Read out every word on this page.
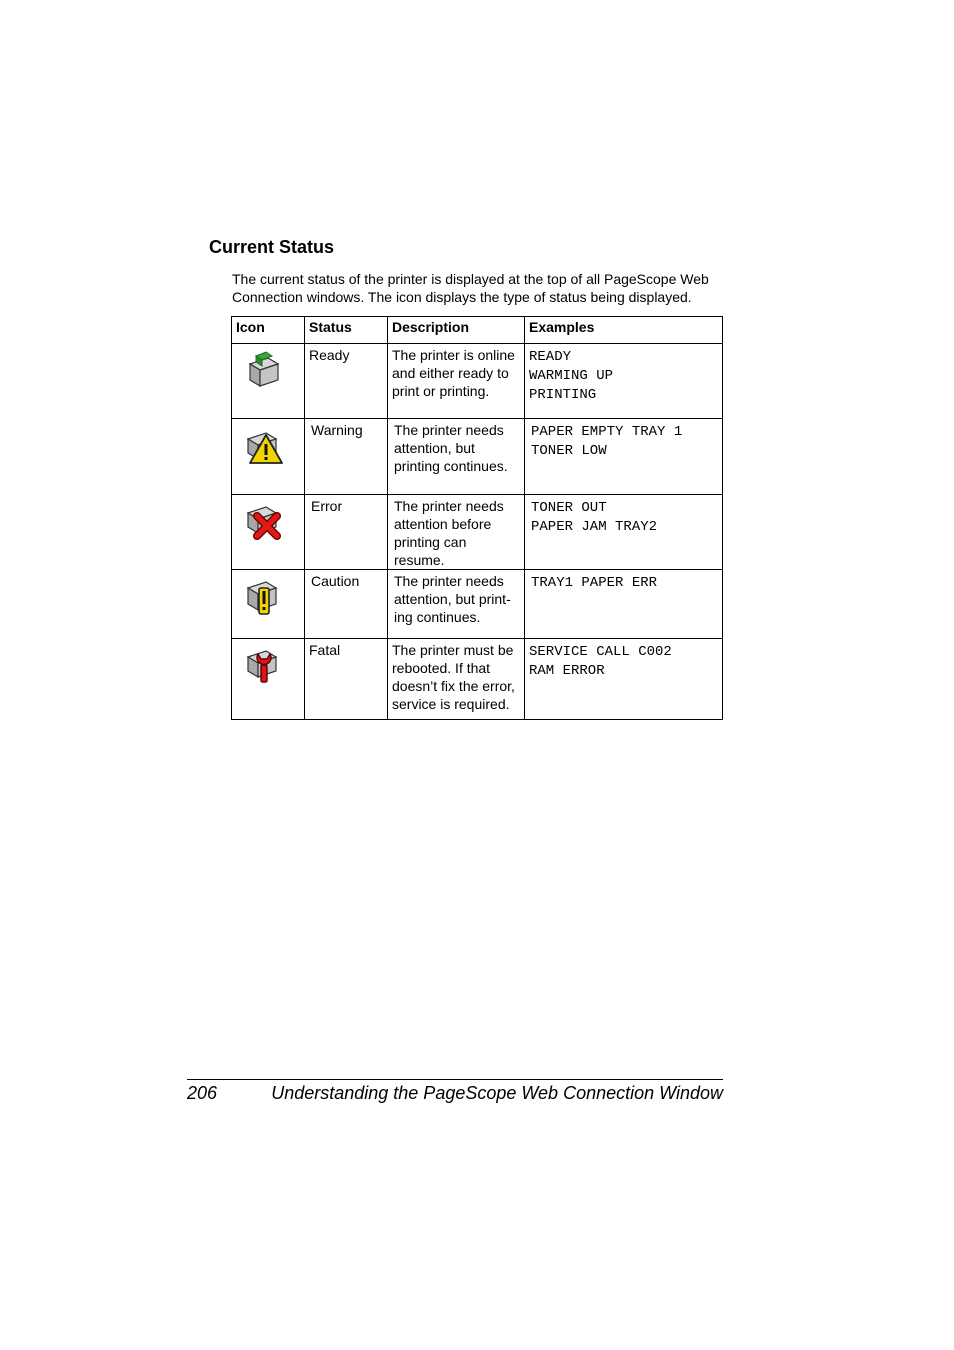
Current Status
The current status of the printer is displayed at the top of all PageScope Web Connection windows. The icon displays the type of status being displayed.
Icon	Status	Description	Examples
	Ready	The printer is online and either ready to print or printing.	READY
WARMING UP
PRINTING

	Warning	The printer needs attention, but printing continues.	PAPER EMPTY TRAY 1
TONER LOW

	Error	The printer needs attention before printing can resume.	TONER OUT
PAPER JAM TRAY2

	Caution	The printer needs attention, but print-ing continues.	TRAY1 PAPER ERR

	Fatal	The printer must be rebooted. If that doesn’t fix the error, service is required.	SERVICE CALL C002
RAM ERROR
206	Understanding the PageScope Web Connection Window
